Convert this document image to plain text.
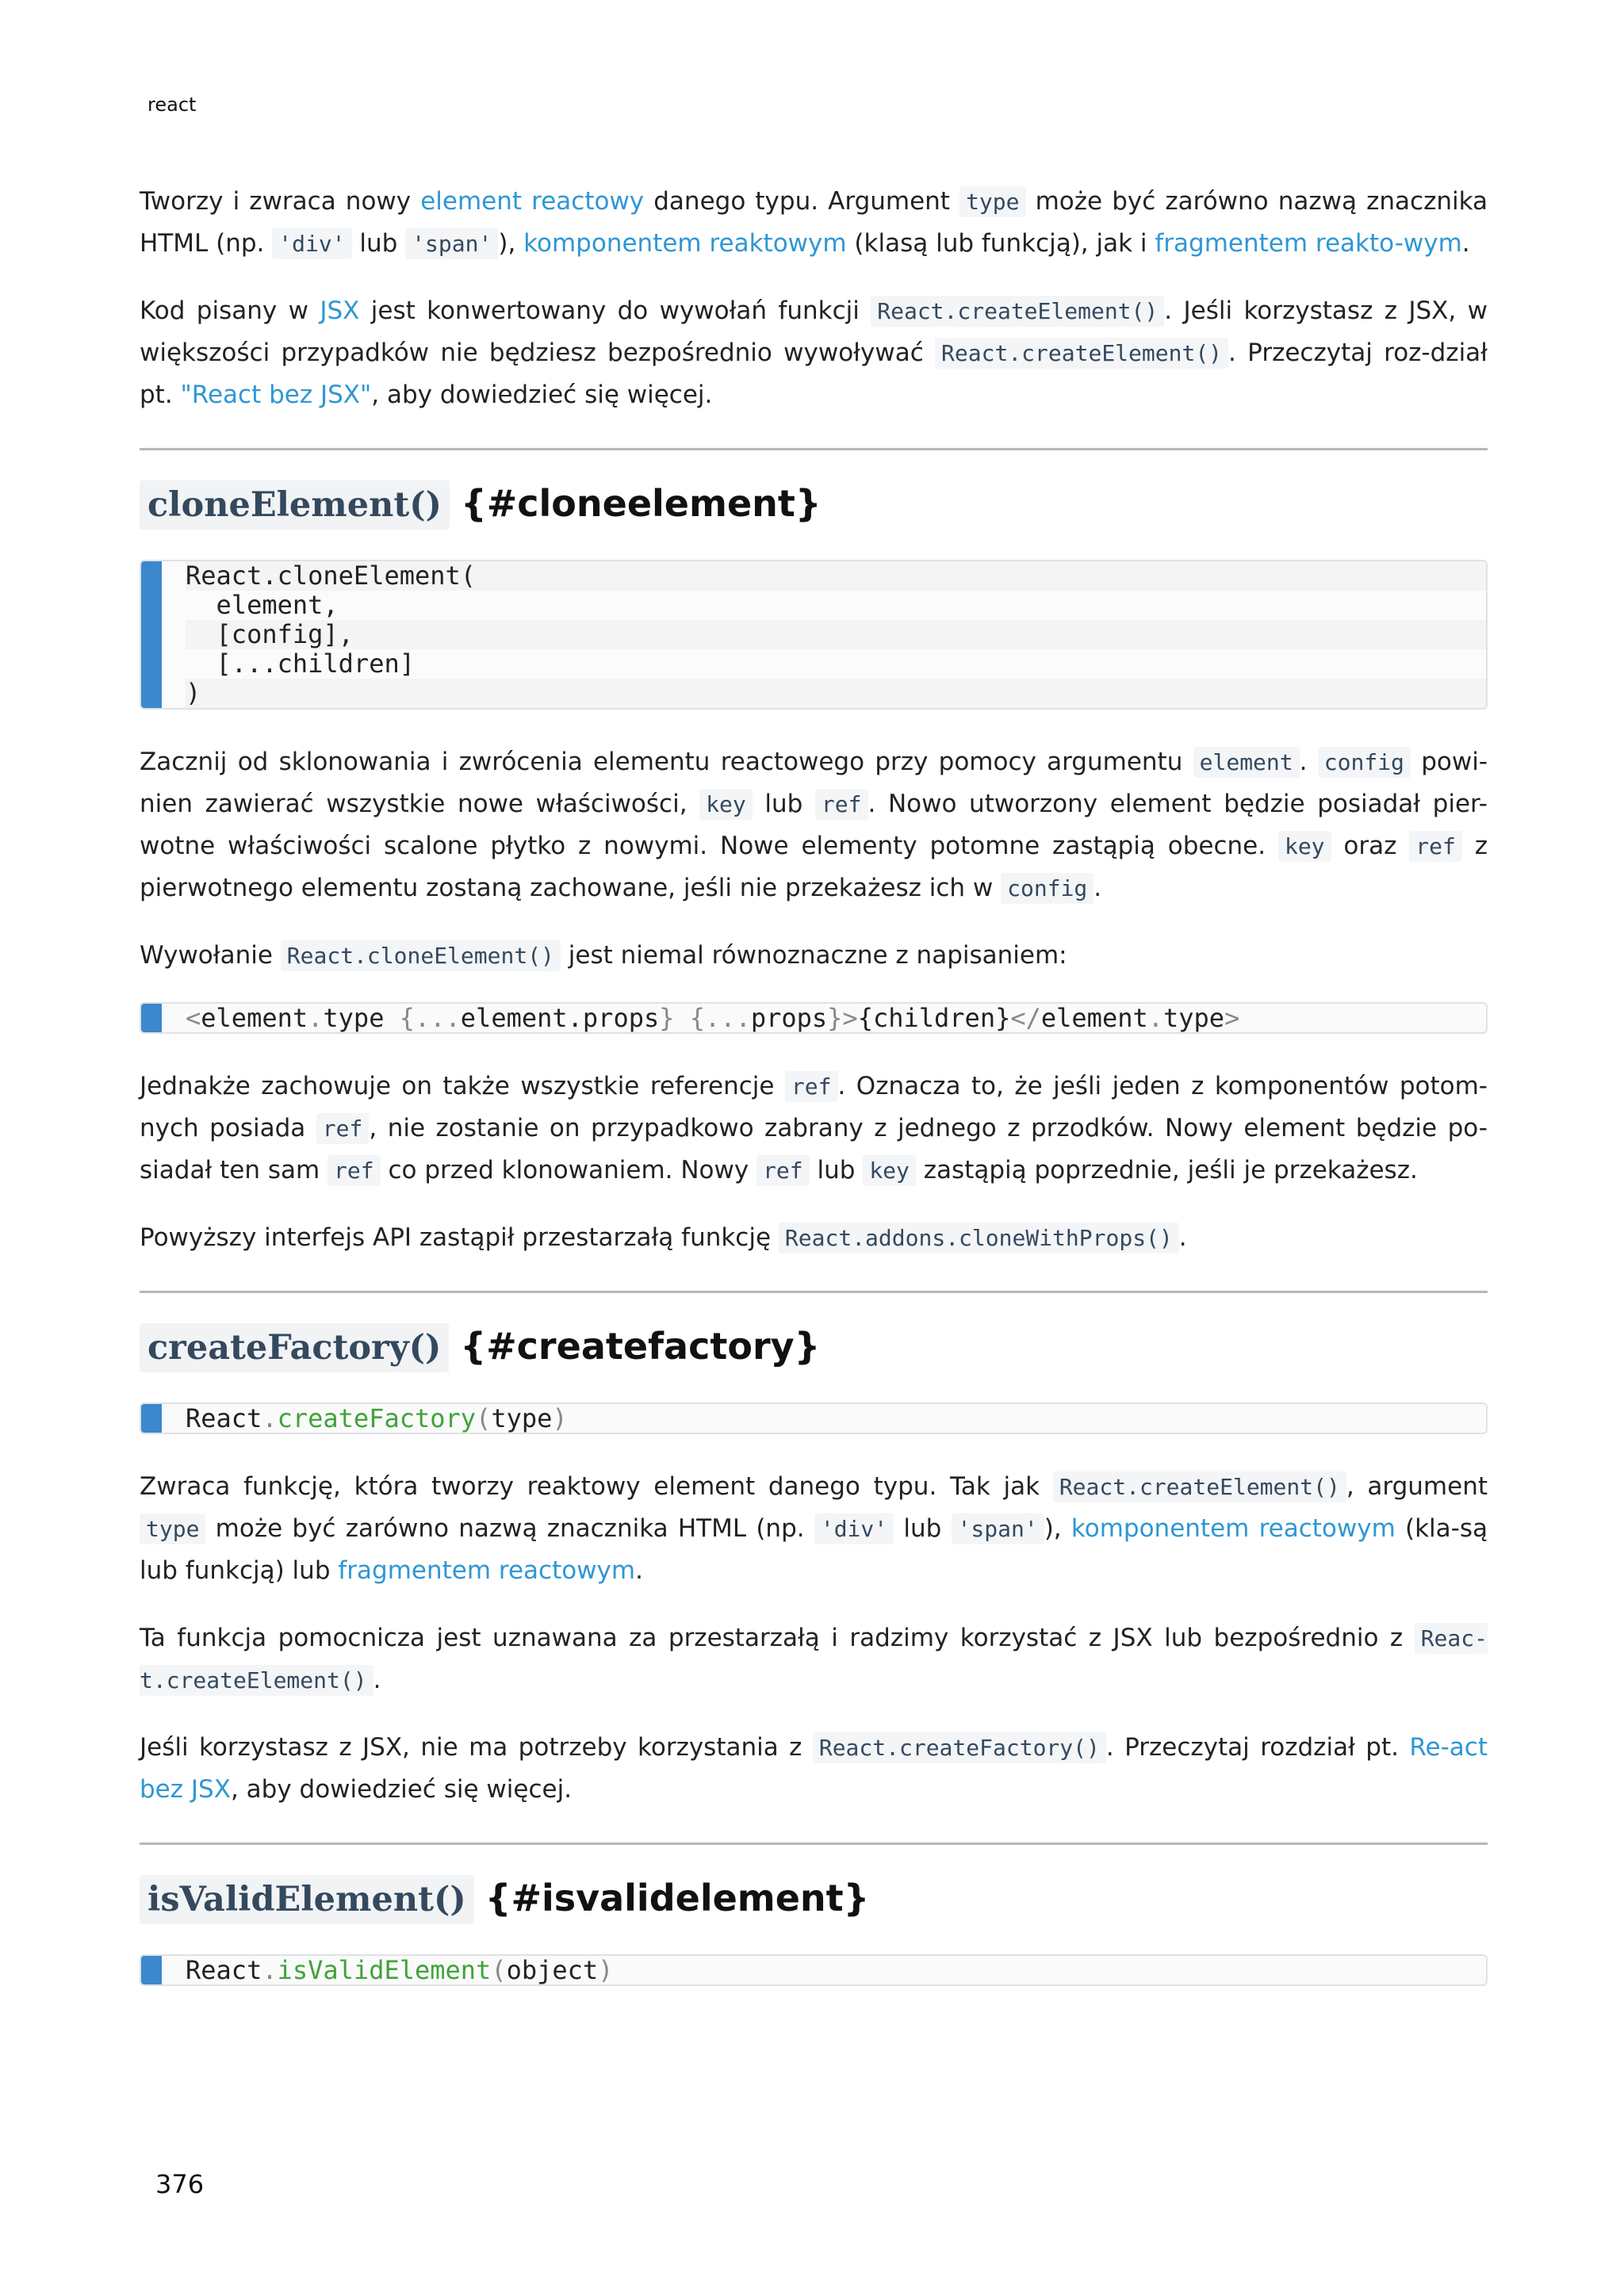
react

Tworzy i zwraca nowy element reactowy danego typu. Argument type może być zarówno nazwą znacznika HTML (np. 'div' lub 'span' ), komponentem reaktowym (klasą lub funkcją), jak i fragmentem reakto-wym.

Kod pisany w JSX jest konwertowany do wywołań funkcji React.createElement() . Jeśli korzystasz z JSX, w większości przypadków nie będziesz bezpośrednio wywoływać React.createElement() . Przeczytaj roz-dział pt. "React bez JSX", aby dowiedzieć się więcej.

cloneElement() {#cloneelement}
React.cloneElement(
element,
[config],
[...children]
)

Zacznij od sklonowania i zwrócenia elementu reactowego przy pomocy argumentu element . config powi-nien zawierać wszystkie nowe właściwości, key lub ref . Nowo utworzony element będzie posiadał pier-wotne właściwości scalone płytko z nowymi. Nowe elementy potomne zastąpią obecne. key oraz ref z pierwotnego elementu zostaną zachowane, jeśli nie przekażesz ich w config .

Wywołanie React.cloneElement() jest niemal równoznaczne z napisaniem:

<element.type {...element.props} {...props}>{children}</element.type>

Jednakże zachowuje on także wszystkie referencje ref . Oznacza to, że jeśli jeden z komponentów potom-nych posiada ref , nie zostanie on przypadkowo zabrany z jednego z przodków. Nowy element będzie po-siadał ten sam ref co przed klonowaniem. Nowy ref lub key zastąpią poprzednie, jeśli je przekażesz.

Powyższy interfejs API zastąpił przestarzałą funkcję React.addons.cloneWithProps() .

createFactory() {#createfactory}
React.createFactory(type)

Zwraca funkcję, która tworzy reaktowy element danego typu. Tak jak React.createElement() , argument type może być zarówno nazwą znacznika HTML (np. 'div' lub 'span' ), komponentem reactowym (kla-są lub funkcją) lub fragmentem reactowym.

Ta funkcja pomocnicza jest uznawana za przestarzałą i radzimy korzystać z JSX lub bezpośrednio z Reac-t.createElement() .

Jeśli korzystasz z JSX, nie ma potrzeby korzystania z React.createFactory() . Przeczytaj rozdział pt. Re-act bez JSX, aby dowiedzieć się więcej.

isValidElement() {#isvalidelement}
React.isValidElement(object)
376
